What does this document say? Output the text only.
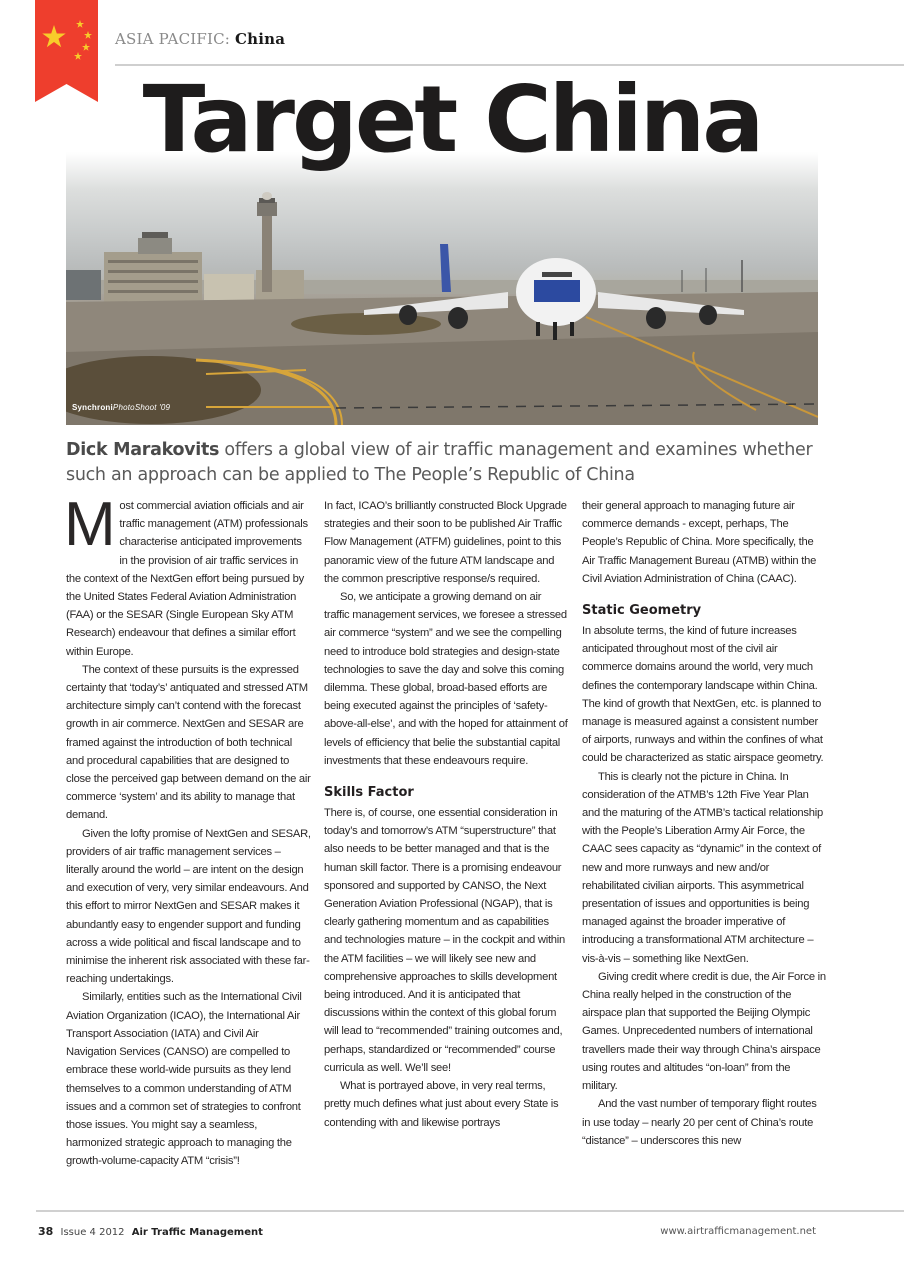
ASIA PACIFIC: China
Target China
SynchroniPhotoShoot '09
Dick Marakovits offers a global view of air traffic management and examines whether such an approach can be applied to The People’s Republic of China

Most commercial aviation officials and air traffic management (ATM) professionals characterise anticipated improvements in the provision of air traffic services in the context of the NextGen effort being pursued by the United States Federal Aviation Administration (FAA) or the SESAR (Single European Sky ATM Research) endeavour that defines a similar effort within Europe.

The context of these pursuits is the expressed certainty that ‘today’s’ antiquated and stressed ATM architecture simply can’t contend with the forecast growth in air commerce. NextGen and SESAR are framed against the introduction of both technical and procedural capabilities that are designed to close the perceived gap between demand on the air commerce ‘system’ and its ability to manage that demand.

Given the lofty promise of NextGen and SESAR, providers of air traffic management services – literally around the world – are intent on the design and execution of very, very similar endeavours. And this effort to mirror NextGen and SESAR makes it abundantly easy to engender support and funding across a wide political and fiscal landscape and to minimise the inherent risk associated with these far-reaching undertakings.

Similarly, entities such as the International Civil Aviation Organization (ICAO), the International Air Transport Association (IATA) and Civil Air Navigation Services (CANSO) are compelled to embrace these world-wide pursuits as they lend themselves to a common understanding of ATM issues and a common set of strategies to confront those issues. You might say a seamless, harmonized strategic approach to managing the growth-volume-capacity ATM “crisis”!

In fact, ICAO’s brilliantly constructed Block Upgrade strategies and their soon to be published Air Traffic Flow Management (ATFM) guidelines, point to this panoramic view of the future ATM landscape and the common prescriptive response/s required.

So, we anticipate a growing demand on air traffic management services, we foresee a stressed air commerce “system” and we see the compelling need to introduce bold strategies and design-state technologies to save the day and solve this coming dilemma. These global, broad-based efforts are being executed against the principles of ‘safety-above-all-else’, and with the hoped for attainment of levels of efficiency that belie the substantial capital investments that these endeavours require.

Skills Factor

There is, of course, one essential consideration in today’s and tomorrow’s ATM “superstructure” that also needs to be better managed and that is the human skill factor. There is a promising endeavour sponsored and supported by CANSO, the Next Generation Aviation Professional (NGAP), that is clearly gathering momentum and as capabilities and technologies mature – in the cockpit and within the ATM facilities – we will likely see new and comprehensive approaches to skills development being introduced. And it is anticipated that discussions within the context of this global forum will lead to “recommended” training outcomes and, perhaps, standardized or “recommended” course curricula as well. We’ll see!

What is portrayed above, in very real terms, pretty much defines what just about every State is contending with and likewise portrays

their general approach to managing future air commerce demands - except, perhaps, The People’s Republic of China. More specifically, the Air Traffic Management Bureau (ATMB) within the Civil Aviation Administration of China (CAAC).

Static Geometry

In absolute terms, the kind of future increases anticipated throughout most of the civil air commerce domains around the world, very much defines the contemporary landscape within China. The kind of growth that NextGen, etc. is planned to manage is measured against a consistent number of airports, runways and within the confines of what could be characterized as static airspace geometry.

This is clearly not the picture in China. In consideration of the ATMB’s 12th Five Year Plan and the maturing of the ATMB’s tactical relationship with the People’s Liberation Army Air Force, the CAAC sees capacity as “dynamic” in the context of new and more runways and new and/or rehabilitated civilian airports. This asymmetrical presentation of issues and opportunities is being managed against the broader imperative of introducing a transformational ATM architecture – vis-à-vis – something like NextGen.

Giving credit where credit is due, the Air Force in China really helped in the construction of the airspace plan that supported the Beijing Olympic Games. Unprecedented numbers of international travellers made their way through China’s airspace using routes and altitudes “on-loan” from the military.

And the vast number of temporary flight routes in use today – nearly 20 per cent of China’s route “distance” – underscores this new

38 Issue 4 2012 Air Traffic Management	www.airtrafficmanagement.net
